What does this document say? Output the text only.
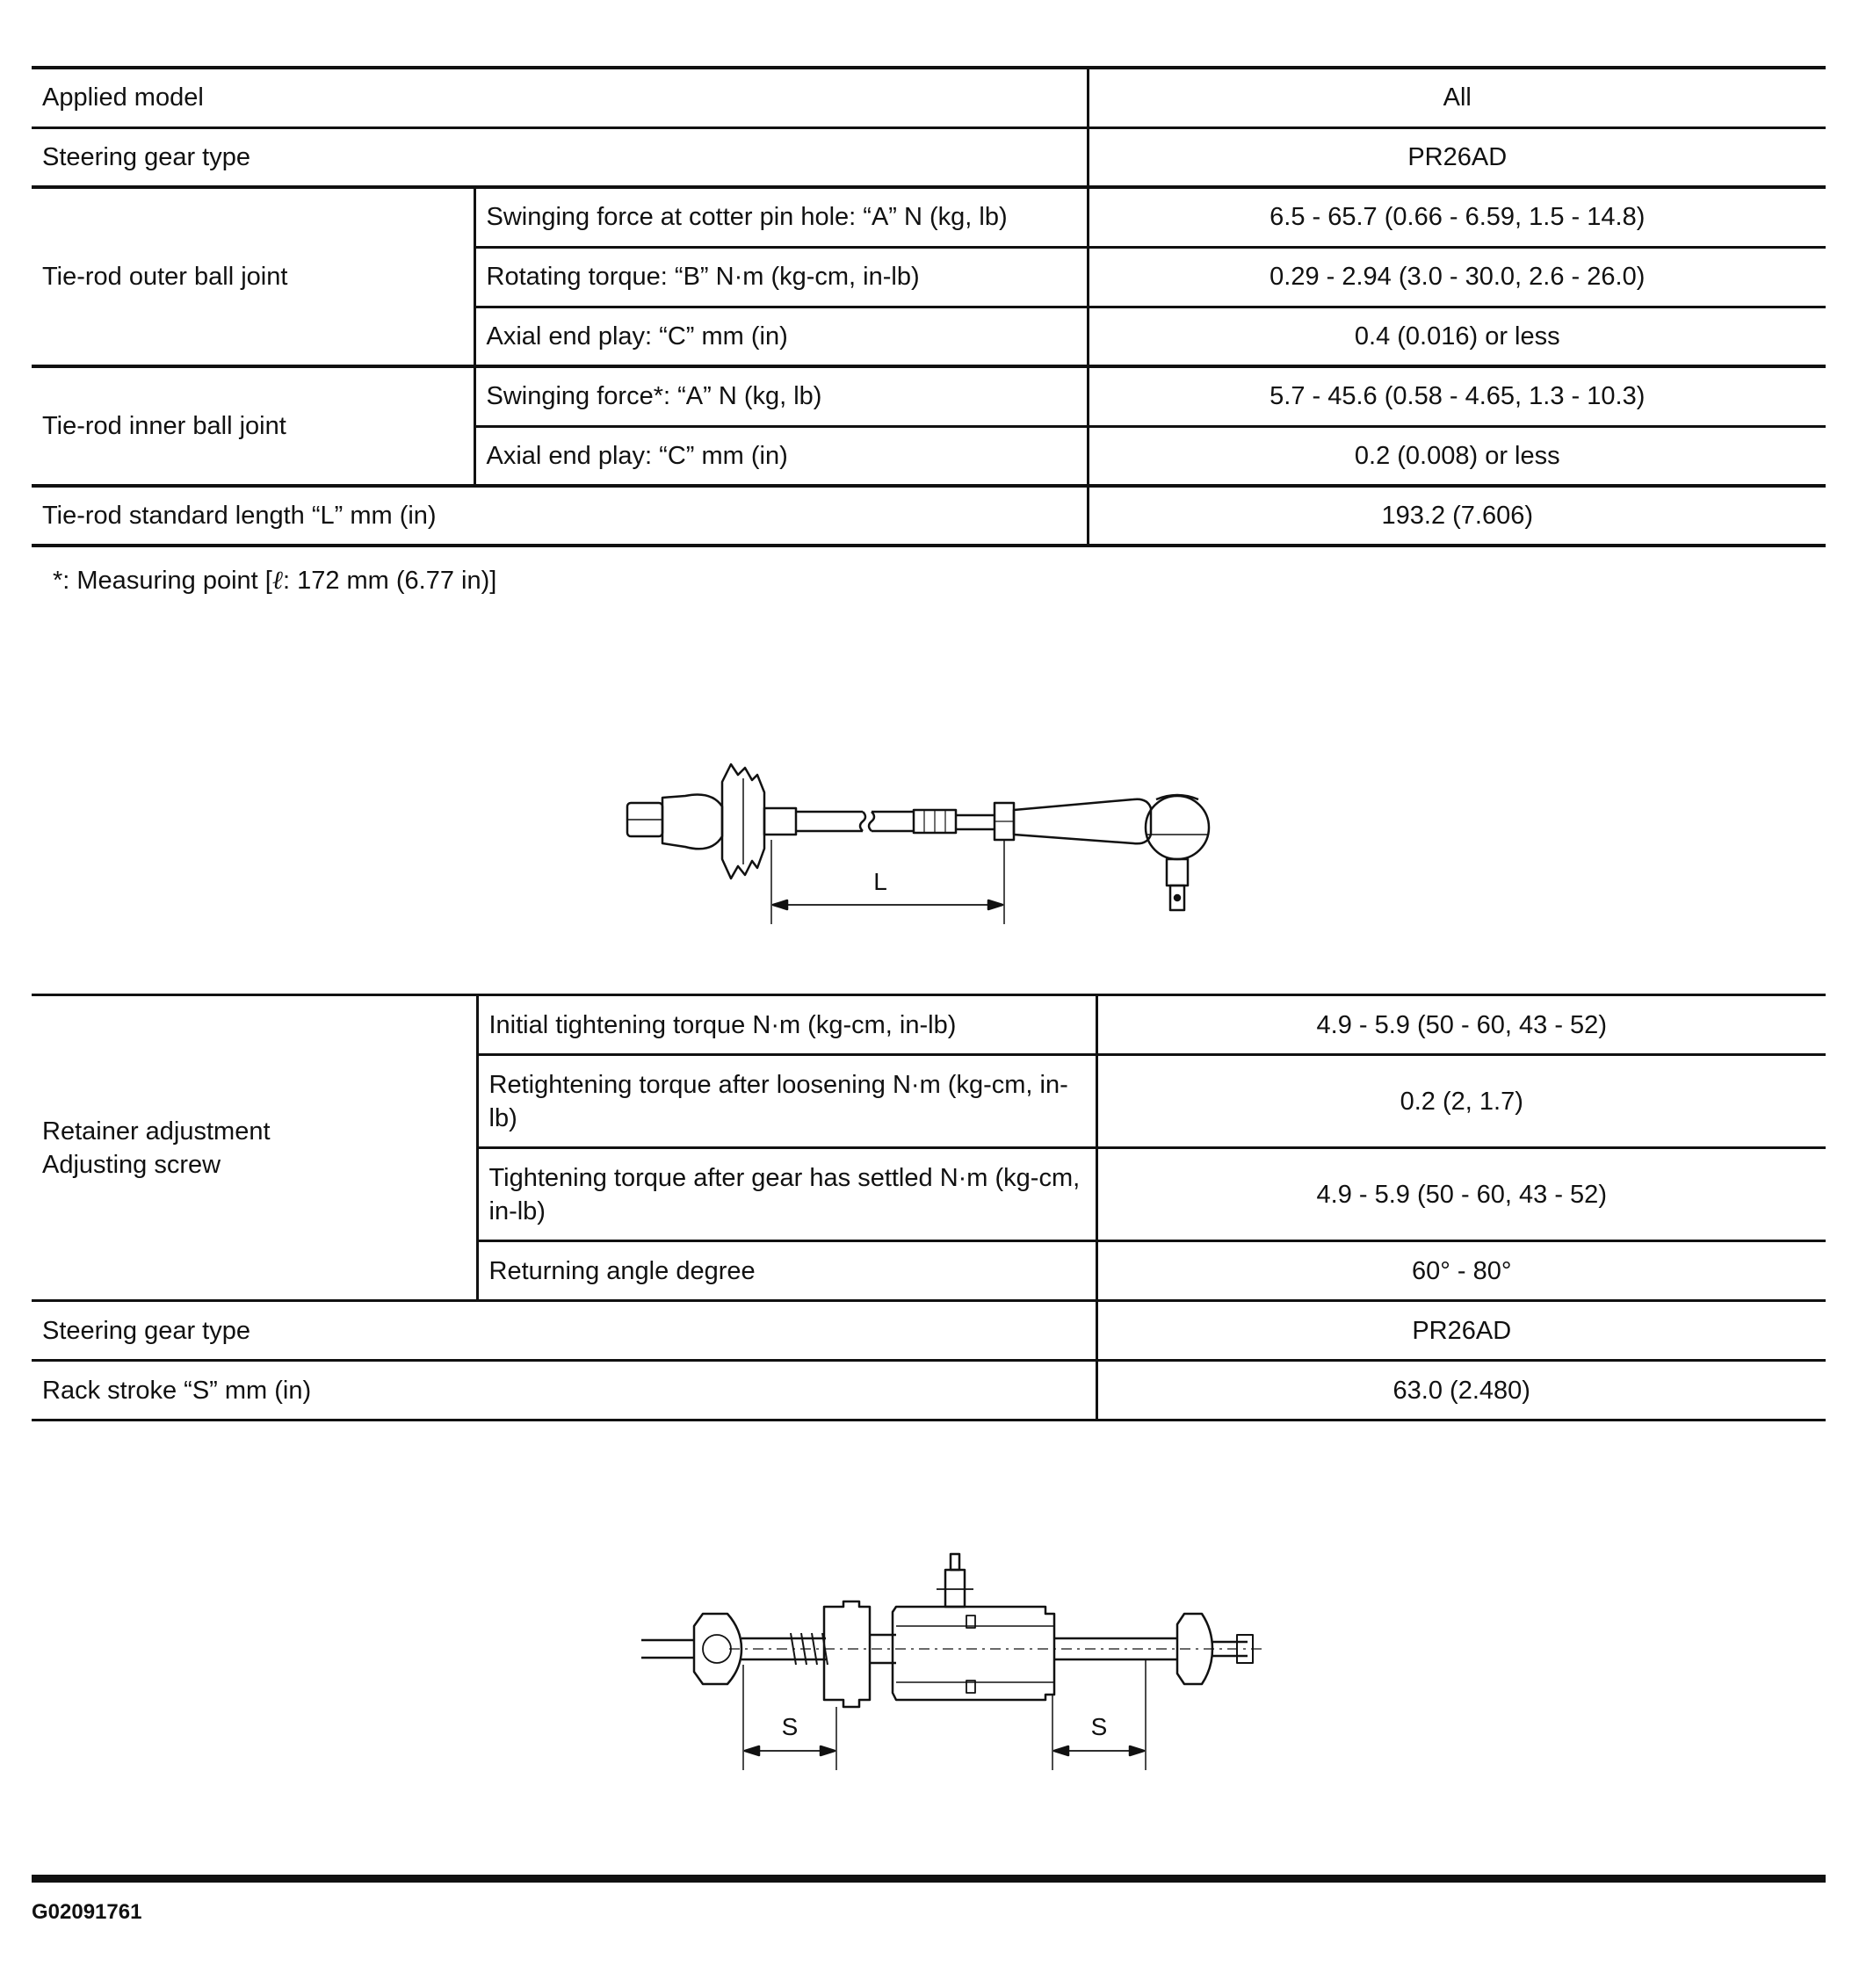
Applied model		All
Steering gear type		PR26AD
Tie-rod outer ball joint	Swinging force at cotter pin hole: “A” N (kg, lb)	6.5 - 65.7 (0.66 - 6.59, 1.5 - 14.8)
	Rotating torque: “B” N·m (kg-cm, in-lb)	0.29 - 2.94 (3.0 - 30.0, 2.6 - 26.0)
	Axial end play: “C” mm (in)	0.4 (0.016) or less
Tie-rod inner ball joint	Swinging force*: “A” N (kg, lb)	5.7 - 45.6 (0.58 - 4.65, 1.3 - 10.3)
	Axial end play: “C” mm (in)	0.2 (0.008) or less
Tie-rod standard length “L” mm (in)		193.2 (7.606)
*: Measuring point [ℓ: 172 mm (6.77 in)]
L
Retainer adjustment
Adjusting screw	Initial tightening torque N·m (kg-cm, in-lb)	4.9 - 5.9 (50 - 60, 43 - 52)
	Retightening torque after loosening N·m (kg-cm, in-lb)	0.2 (2, 1.7)
	Tightening torque after gear has settled N·m (kg-cm, in-lb)	4.9 - 5.9 (50 - 60, 43 - 52)
	Returning angle degree	60° - 80°
Steering gear type		PR26AD
Rack stroke “S” mm (in)		63.0 (2.480)
S	S
G02091761
